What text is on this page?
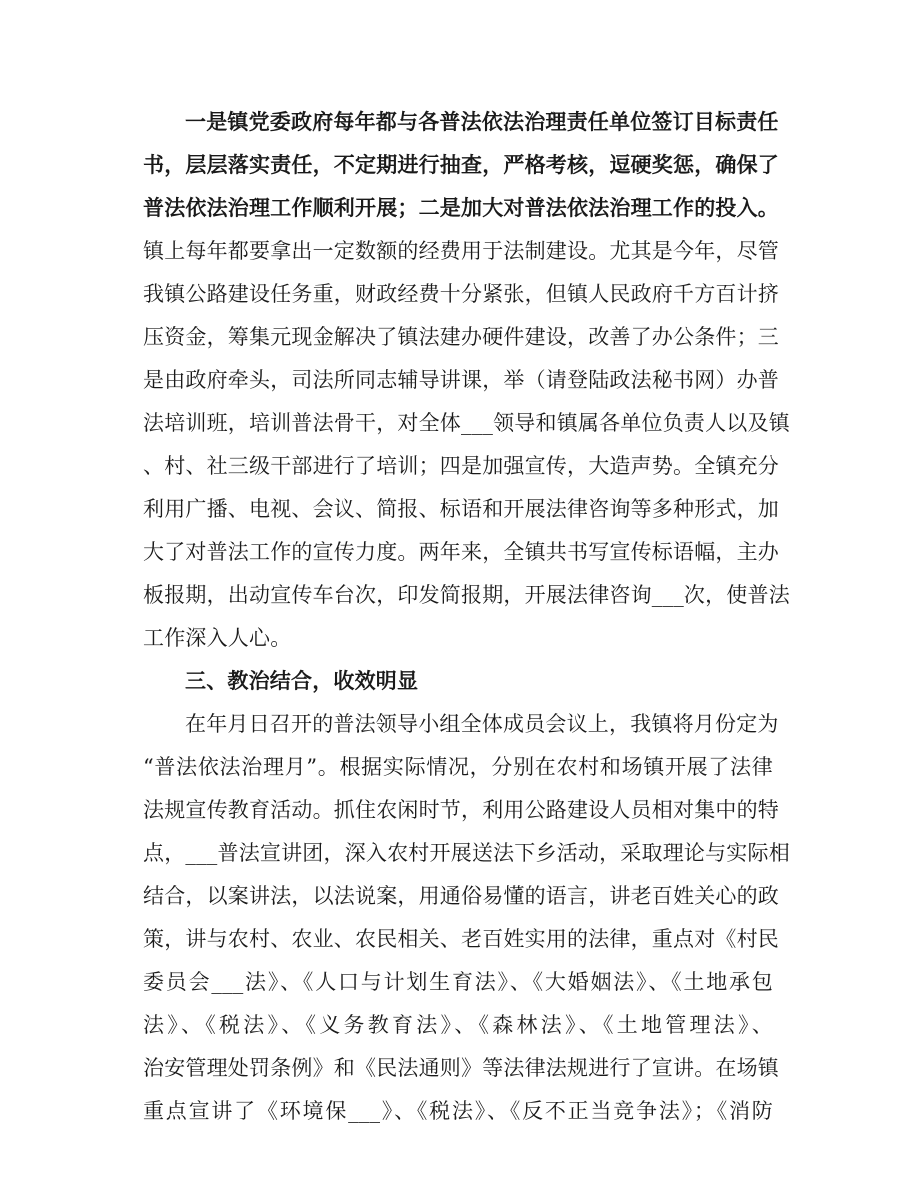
一是镇党委政府每年都与各普法依法治理责任单位签订目标责任
书，层层落实责任，不定期进行抽查，严格考核，逗硬奖惩，确保了
普法依法治理工作顺利开展；二是加大对普法依法治理工作的投入。
镇上每年都要拿出一定数额的经费用于法制建设。尤其是今年，尽管
我镇公路建设任务重，财政经费十分紧张，但镇人民政府千方百计挤
压资金，筹集元现金解决了镇法建办硬件建设，改善了办公条件；三
是由政府牵头，司法所同志辅导讲课，举（请登陆政法秘书网）办普
法培训班，培训普法骨干，对全体___领导和镇属各单位负责人以及镇
、村、社三级干部进行了培训；四是加强宣传，大造声势。全镇充分
利用广播、电视、会议、简报、标语和开展法律咨询等多种形式，加
大了对普法工作的宣传力度。两年来，全镇共书写宣传标语幅，主办
板报期，出动宣传车台次，印发简报期，开展法律咨询___次，使普法
工作深入人心。
三、教治结合，收效明显
在年月日召开的普法领导小组全体成员会议上，我镇将月份定为
“普法依法治理月”。根据实际情况，分别在农村和场镇开展了法律
法规宣传教育活动。抓住农闲时节，利用公路建设人员相对集中的特
点，___普法宣讲团，深入农村开展送法下乡活动，采取理论与实际相
结合，以案讲法，以法说案，用通俗易懂的语言，讲老百姓关心的政
策，讲与农村、农业、农民相关、老百姓实用的法律，重点对《村民
委员会___法》、《人口与计划生育法》、《大婚姻法》、《土地承包
法》、《税法》、《义务教育法》、《森林法》、《土地管理法》、
治安管理处罚条例》和《民法通则》等法律法规进行了宣讲。在场镇
重点宣讲了《环境保___》、《税法》、《反不正当竞争法》；《消防
